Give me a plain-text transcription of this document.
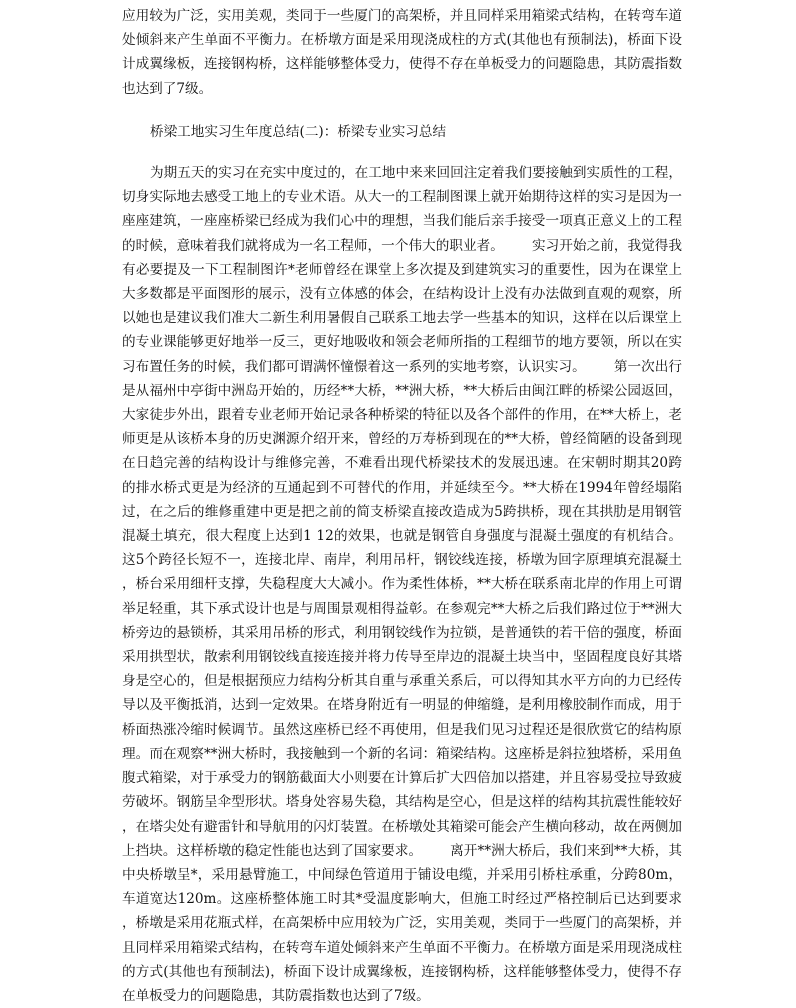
应用较为广泛，实用美观，类同于一些厦门的高架桥，并且同样采用箱梁式结构，在转弯车道处倾斜来产生单面不平衡力。在桥墩方面是采用现浇成柱的方式(其他也有预制法)，桥面下设计成翼缘板，连接钢构桥，这样能够整体受力，使得不存在单板受力的问题隐患，其防震指数也达到了7级。

桥梁工地实习生年度总结(二)：桥梁专业实习总结

为期五天的实习在充实中度过的，在工地中来来回回注定着我们要接触到实质性的工程，切身实际地去感受工地上的专业术语。从大一的工程制图课上就开始期待这样的实习是因为一座座建筑，一座座桥梁已经成为我们心中的理想，当我们能后亲手接受一项真正意义上的工程的时候，意味着我们就将成为一名工程师，一个伟大的职业者。 实习开始之前，我觉得我有必要提及一下工程制图许*老师曾经在课堂上多次提及到建筑实习的重要性，因为在课堂上大多数都是平面图形的展示，没有立体感的体会，在结构设计上没有办法做到直观的观察，所以她也是建议我们准大二新生利用暑假自己联系工地去学一些基本的知识，这样在以后课堂上的专业课能够更好地举一反三，更好地吸收和领会老师所指的工程细节的地方要领，所以在实习布置任务的时候，我们都可谓满怀憧憬着这一系列的实地考察，认识实习。 第一次出行是从福州中亭街中洲岛开始的，历经**大桥，**洲大桥，**大桥后由闽江畔的桥梁公园返回，大家徒步外出，跟着专业老师开始记录各种桥梁的特征以及各个部件的作用，在**大桥上，老师更是从该桥本身的历史渊源介绍开来，曾经的万寿桥到现在的**大桥，曾经简陋的设备到现在日趋完善的结构设计与维修完善，不难看出现代桥梁技术的发展迅速。在宋朝时期其20跨的排水桥式更是为经济的互通起到不可替代的作用，并延续至今。**大桥在1994年曾经塌陷过，在之后的维修重建中更是把之前的简支桥梁直接改造成为5跨拱桥，现在其拱肋是用钢管混凝土填充，很大程度上达到1 12的效果，也就是钢管自身强度与混凝土强度的有机结合。这5个跨径长短不一，连接北岸、南岸，利用吊杆，钢铰线连接，桥墩为回字原理填充混凝土，桥台采用细杆支撑，失稳程度大大减小。作为柔性体桥，**大桥在联系南北岸的作用上可谓举足轻重，其下承式设计也是与周围景观相得益彰。在参观完**大桥之后我们路过位于**洲大桥旁边的悬锁桥，其采用吊桥的形式，利用钢铰线作为拉锁，是普通铁的若干倍的强度，桥面采用拱型状，散索利用钢铰线直接连接并将力传导至岸边的混凝土块当中，坚固程度良好其塔身是空心的，但是根据预应力结构分析其自重与承重关系后，可以得知其水平方向的力已经传导以及平衡抵消，达到一定效果。在塔身附近有一明显的伸缩缝，是利用橡胶制作而成，用于桥面热涨冷缩时候调节。虽然这座桥已经不再使用，但是我们见习过程还是很欣赏它的结构原理。而在观察**洲大桥时，我接触到一个新的名词：箱梁结构。这座桥是斜拉独塔桥，采用鱼腹式箱梁，对于承受力的钢筋截面大小则要在计算后扩大四倍加以搭建，并且容易受拉导致疲劳破坏。钢筋呈伞型形状。塔身处容易失稳，其结构是空心，但是这样的结构其抗震性能较好，在塔尖处有避雷针和导航用的闪灯装置。在桥墩处其箱梁可能会产生横向移动，故在两侧加上挡块。这样桥墩的稳定性能也达到了国家要求。 离开**洲大桥后，我们来到**大桥，其中央桥墩呈*，采用悬臂施工，中间绿色管道用于铺设电缆，并采用引桥柱承重，分跨80m，车道宽达120m。这座桥整体施工时其*受温度影响大，但施工时经过严格控制后已达到要求，桥墩是采用花瓶式样，在高架桥中应用较为广泛，实用美观，类同于一些厦门的高架桥，并且同样采用箱梁式结构，在转弯车道处倾斜来产生单面不平衡力。在桥墩方面是采用现浇成柱的方式(其他也有预制法)，桥面下设计成翼缘板，连接钢构桥，这样能够整体受力，使得不存在单板受力的问题隐患，其防震指数也达到了7级。
